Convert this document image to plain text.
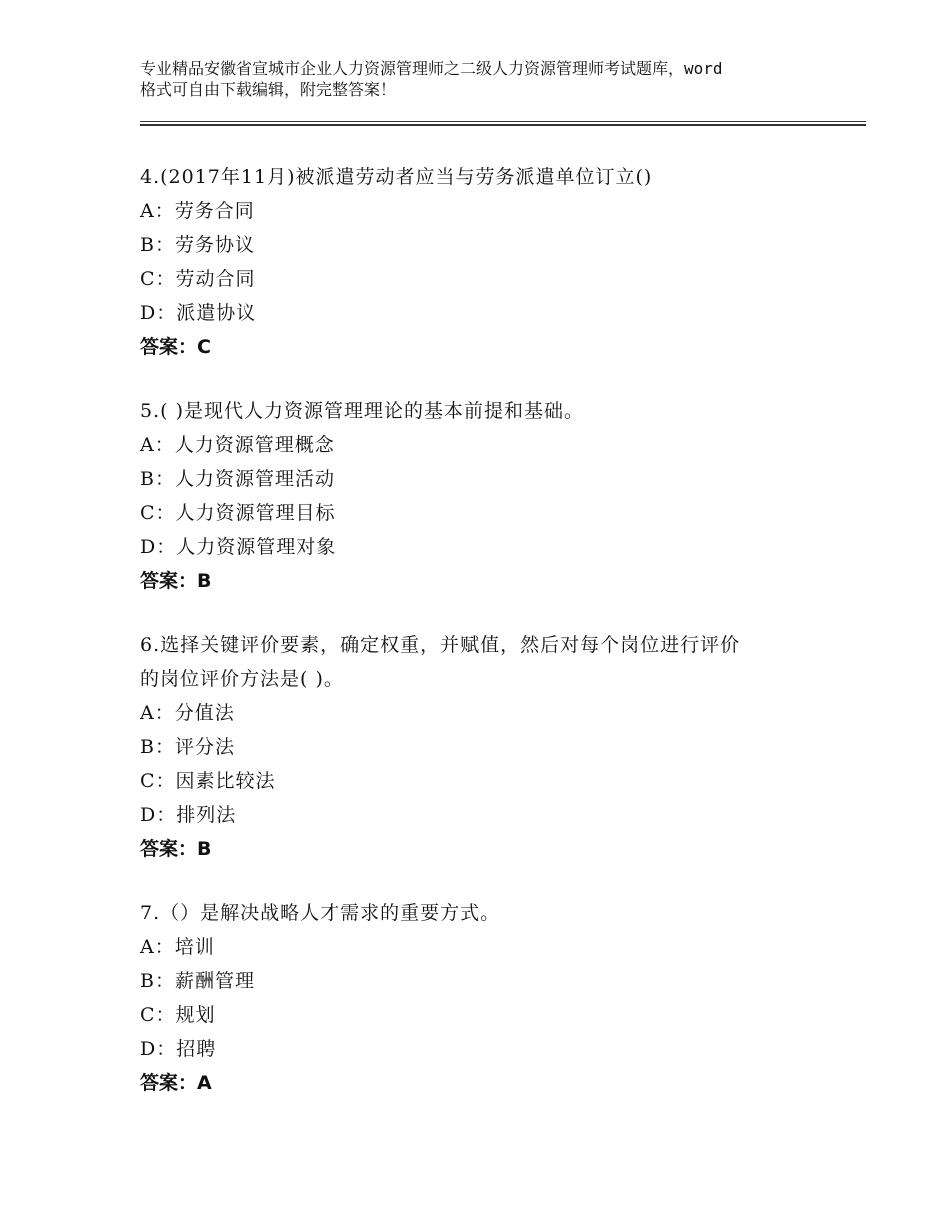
专业精品安徽省宣城市企业人力资源管理师之二级人力资源管理师考试题库，word
格式可自由下载编辑，附完整答案！
4.(2017年11月)被派遣劳动者应当与劳务派遣单位订立()
A：劳务合同
B：劳务协议
C：劳动合同
D：派遣协议
答案：C
5.( )是现代人力资源管理理论的基本前提和基础。
A：人力资源管理概念
B：人力资源管理活动
C：人力资源管理目标
D：人力资源管理对象
答案：B
6.选择关键评价要素，确定权重，并赋值，然后对每个岗位进行评价
的岗位评价方法是( )。
A：分值法
B：评分法
C：因素比较法
D：排列法
答案：B
7.（）是解决战略人才需求的重要方式。
A：培训
B：薪酬管理
C：规划
D：招聘
答案：A
